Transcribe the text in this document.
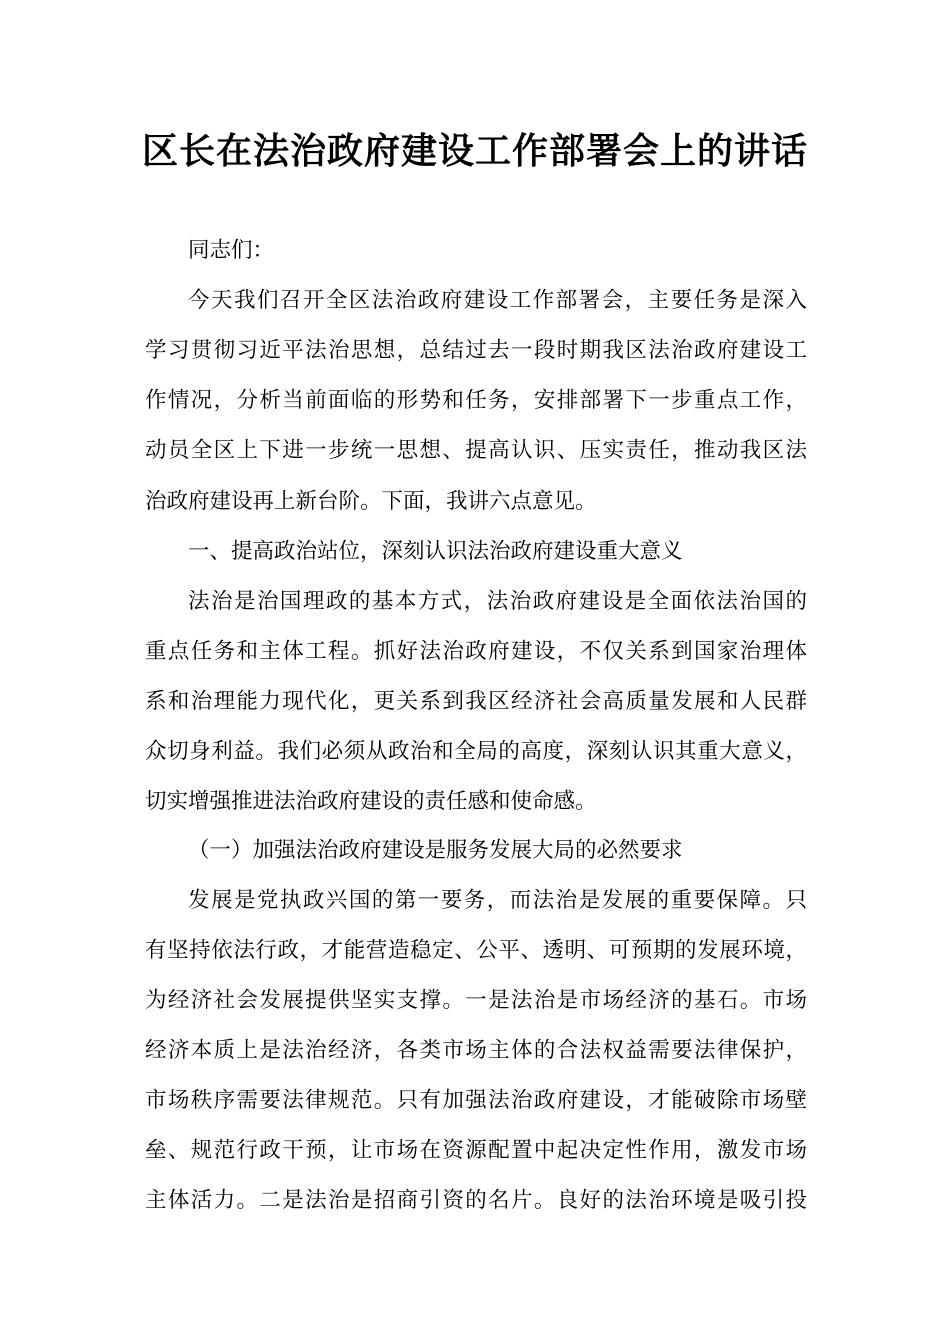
区长在法治政府建设工作部署会上的讲话
同志们：
今天我们召开全区法治政府建设工作部署会，主要任务是深入
学习贯彻习近平法治思想，总结过去一段时期我区法治政府建设工
作情况，分析当前面临的形势和任务，安排部署下一步重点工作，
动员全区上下进一步统一思想、提高认识、压实责任，推动我区法
治政府建设再上新台阶。下面，我讲六点意见。
一、提高政治站位，深刻认识法治政府建设重大意义
法治是治国理政的基本方式，法治政府建设是全面依法治国的
重点任务和主体工程。抓好法治政府建设，不仅关系到国家治理体
系和治理能力现代化，更关系到我区经济社会高质量发展和人民群
众切身利益。我们必须从政治和全局的高度，深刻认识其重大意义，
切实增强推进法治政府建设的责任感和使命感。
（一）加强法治政府建设是服务发展大局的必然要求
发展是党执政兴国的第一要务，而法治是发展的重要保障。只
有坚持依法行政，才能营造稳定、公平、透明、可预期的发展环境，
为经济社会发展提供坚实支撑。一是法治是市场经济的基石。市场
经济本质上是法治经济，各类市场主体的合法权益需要法律保护，
市场秩序需要法律规范。只有加强法治政府建设，才能破除市场壁
垒、规范行政干预，让市场在资源配置中起决定性作用，激发市场
主体活力。二是法治是招商引资的名片。良好的法治环境是吸引投
